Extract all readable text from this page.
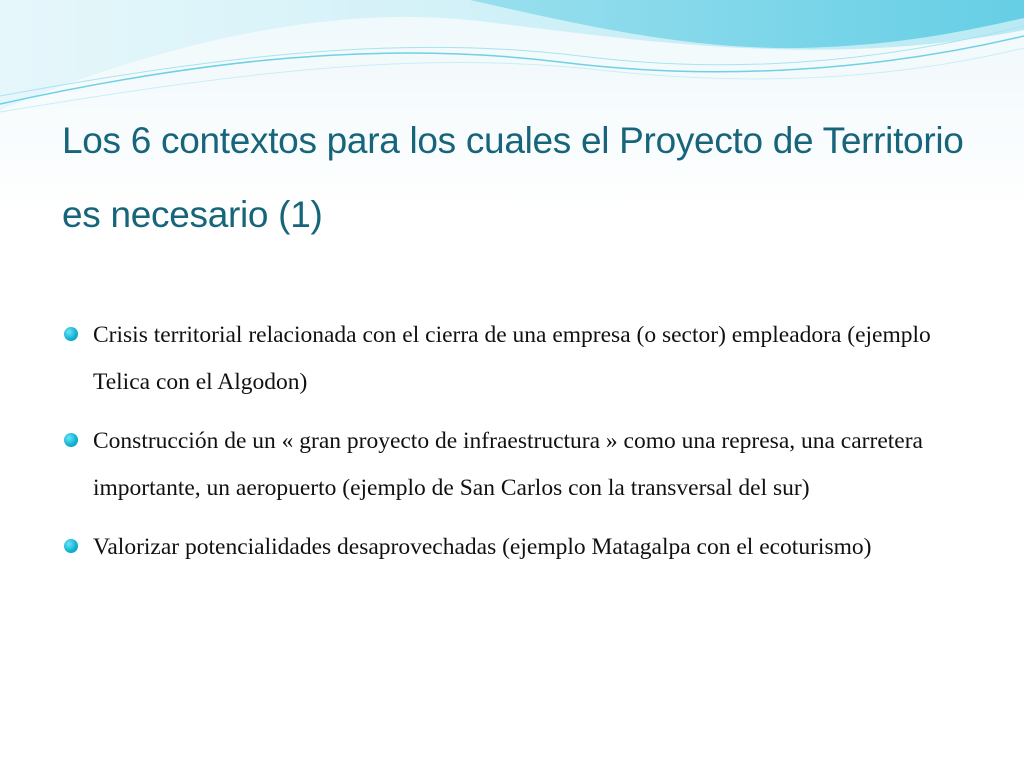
Los 6 contextos para los cuales el Proyecto de Territorio es necesario (1)
Crisis territorial relacionada con el cierra de una empresa (o sector) empleadora (ejemplo Telica con el Algodon)
Construcción de un « gran proyecto de infraestructura » como una represa, una carretera importante, un aeropuerto (ejemplo de San Carlos con la transversal del sur)
Valorizar potencialidades desaprovechadas (ejemplo Matagalpa con el ecoturismo)
